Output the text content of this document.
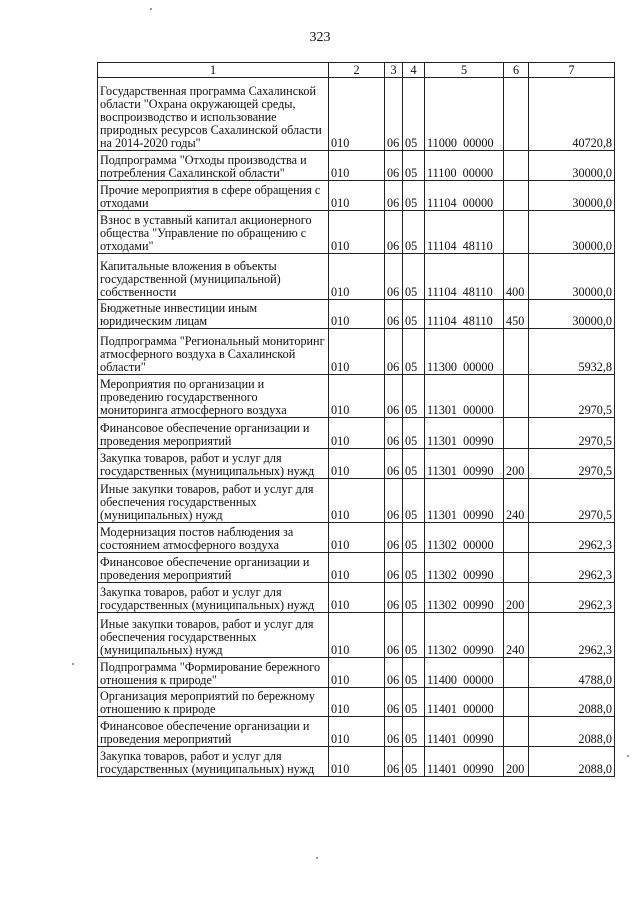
323
1	2	3	4	5	6	7
Государственная программа Сахалинской области "Охрана окружающей среды, воспроизводство и использование природных ресурсов Сахалинской области на 2014-2020 годы"	010	06	05	11000  00000		40720,8
Подпрограмма "Отходы производства и потребления Сахалинской области"	010	06	05	11100  00000		30000,0
Прочие мероприятия в сфере обращения с отходами	010	06	05	11104  00000		30000,0
Взнос в уставный капитал акционерного общества "Управление по обращению с отходами"	010	06	05	11104  48110		30000,0
Капитальные вложения в объекты государственной (муниципальной) собственности	010	06	05	11104  48110	400	30000,0
Бюджетные инвестиции иным юридическим лицам	010	06	05	11104  48110	450	30000,0
Подпрограмма "Региональный мониторинг атмосферного воздуха в Сахалинской области"	010	06	05	11300  00000		5932,8
Мероприятия по организации и проведению государственного мониторинга атмосферного воздуха	010	06	05	11301  00000		2970,5
Финансовое обеспечение организации и проведения мероприятий	010	06	05	11301  00990		2970,5
Закупка товаров, работ и услуг для государственных (муниципальных) нужд	010	06	05	11301  00990	200	2970,5
Иные закупки товаров, работ и услуг для обеспечения государственных (муниципальных) нужд	010	06	05	11301  00990	240	2970,5
Модернизация постов наблюдения за состоянием атмосферного воздуха	010	06	05	11302  00000		2962,3
Финансовое обеспечение организации и проведения мероприятий	010	06	05	11302  00990		2962,3
Закупка товаров, работ и услуг для государственных (муниципальных) нужд	010	06	05	11302  00990	200	2962,3
Иные закупки товаров, работ и услуг для обеспечения государственных (муниципальных) нужд	010	06	05	11302  00990	240	2962,3
Подпрограмма "Формирование бережного отношения к природе"	010	06	05	11400  00000		4788,0
Организация мероприятий по бережному отношению к природе	010	06	05	11401  00000		2088,0
Финансовое обеспечение организации и проведения мероприятий	010	06	05	11401  00990		2088,0
Закупка товаров, работ и услуг для государственных (муниципальных) нужд	010	06	05	11401  00990	200	2088,0
